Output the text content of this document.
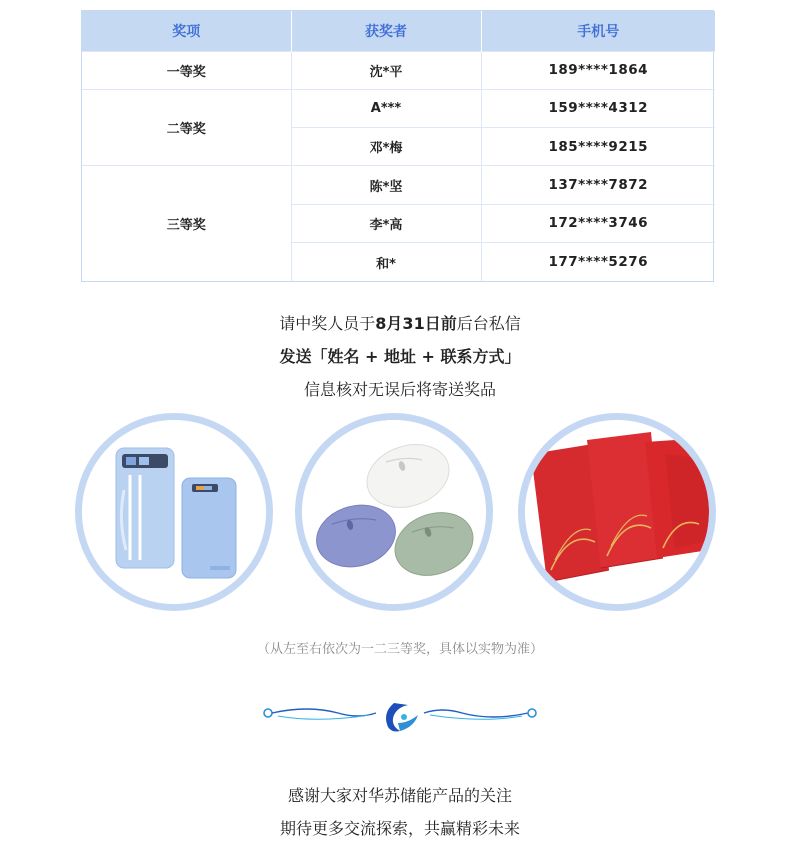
奖项	获奖者	手机号
一等奖	沈*平	189****1864
二等奖	A***	159****4312
	邓*梅	185****9215
三等奖	陈*坚	137****7872
	李*高	172****3746
	和*	177****5276
请中奖人员于8月31日前后台私信
发送「姓名 + 地址 + 联系方式」
信息核对无误后将寄送奖品
（从左至右依次为一二三等奖，具体以实物为准）
感谢大家对华苏储能产品的关注
期待更多交流探索，共赢精彩未来
